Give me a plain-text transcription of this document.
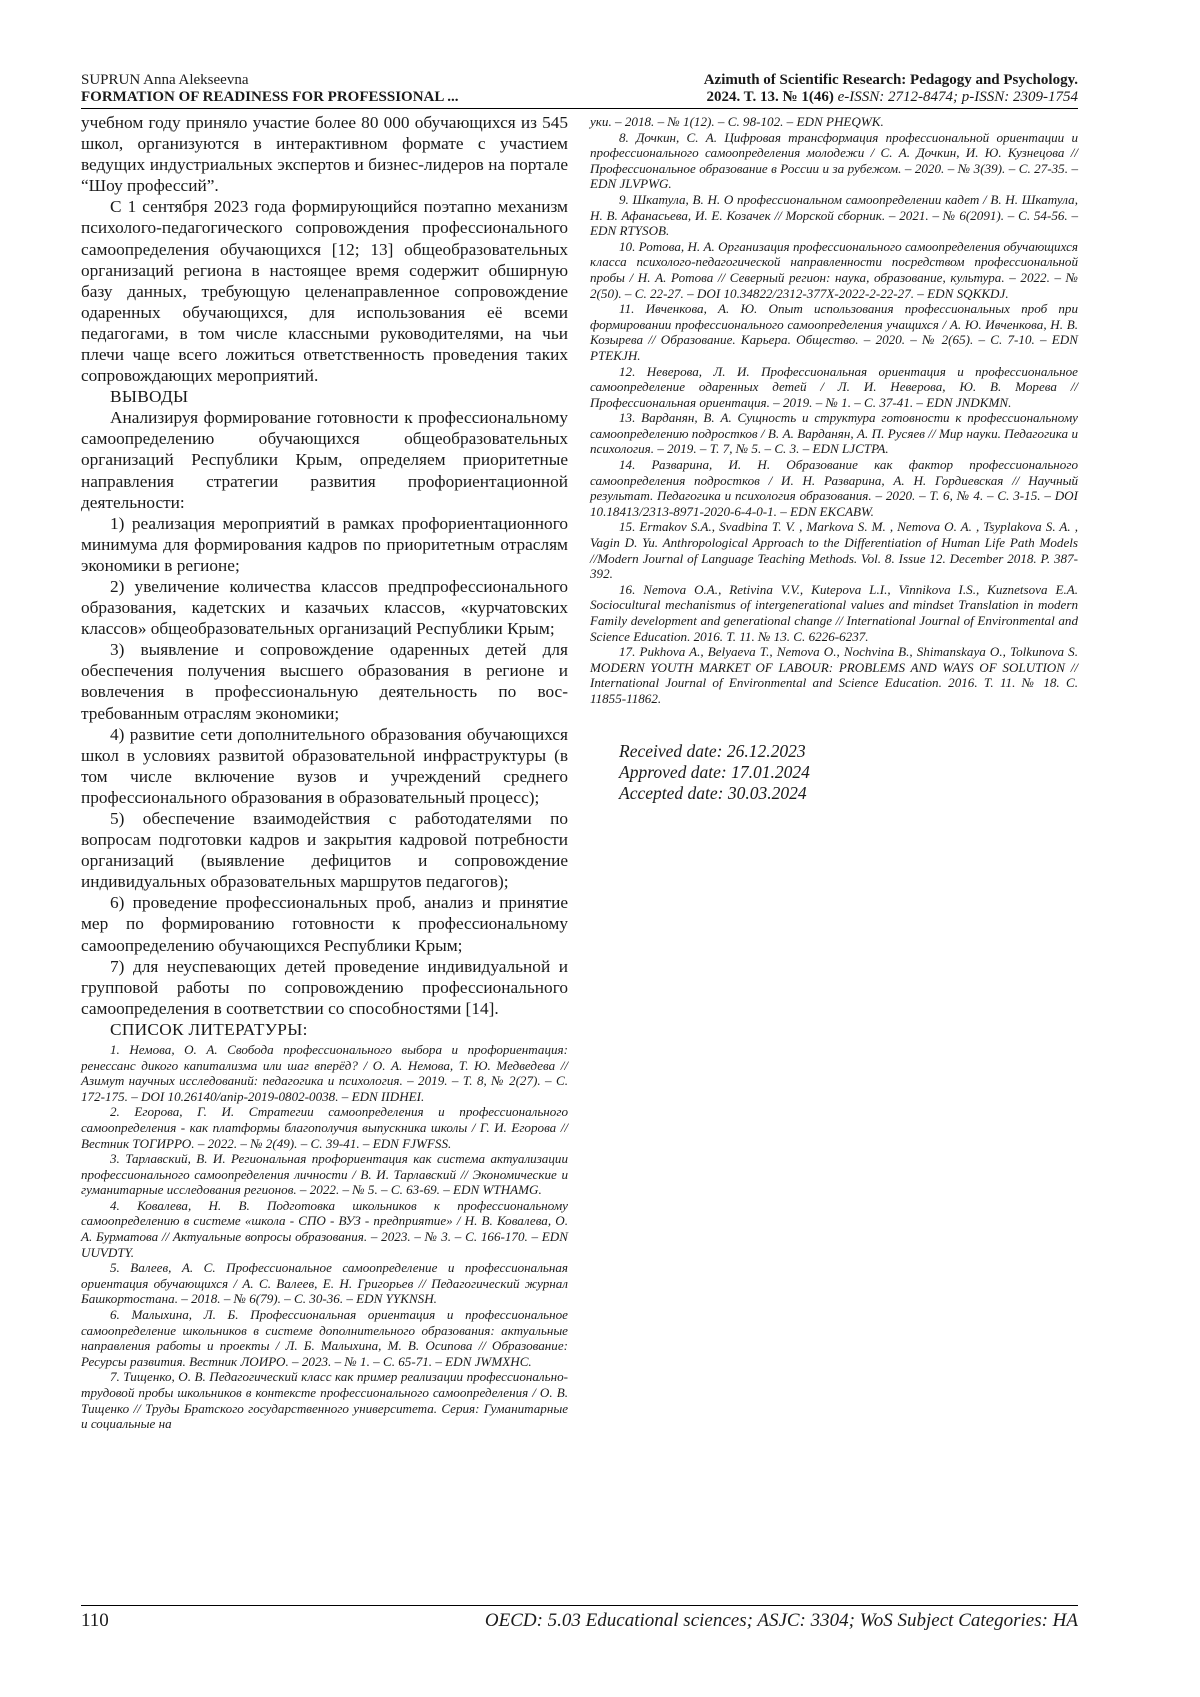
SUPRUN Anna Alekseevna
FORMATION OF READINESS FOR PROFESSIONAL ...
Azimuth of Scientific Research: Pedagogy and Psychology.
2024. T. 13. № 1(46) e-ISSN: 2712-8474; p-ISSN: 2309-1754

учебном году приняло участие более 80 000 обучающихся из 545 школ, организуются в интерактивном формате с участием ведущих индустриальных экспертов и бизнес-лидеров на портале “Шоу профессий”.

С 1 сентября 2023 года формирующийся поэтапно механизм психолого-педагогического сопровождения профессионального самоопределения обучающихся [12; 13] общеобразовательных организаций региона в настоящее время содержит обширную базу данных, требующую целенаправленное сопровождение одаренных обучающихся, для использования её всеми педагогами, в том числе классными руководителями, на чьи плечи чаще всего ложиться ответственность проведения таких сопровождающих мероприятий.

ВЫВОДЫ

Анализируя формирование готовности к профессиональному самоопределению обучающихся общеобразовательных организаций Республики Крым, определяем приоритетные направления стратегии развития профориентационной деятельности:

1) реализация мероприятий в рамках профориентационного минимума для формирования кадров по приоритетным отраслям экономики в регионе;

2) увеличение количества классов предпрофессионального образования, кадетских и казачьих классов, «курчатовских классов» общеобразовательных организаций Республики Крым;

3) выявление и сопровождение одаренных детей для обеспечения получения высшего образования в регионе и вовлечения в профессиональную деятельность по востребованным отраслям экономики;

4) развитие сети дополнительного образования обучающихся школ в условиях развитой образовательной инфраструктуры (в том числе включение вузов и учреждений среднего профессионального образования в образовательный процесс);

5) обеспечение взаимодействия с работодателями по вопросам подготовки кадров и закрытия кадровой потребности организаций (выявление дефицитов и сопровождение индивидуальных образовательных маршрутов педагогов);

6) проведение профессиональных проб, анализ и принятие мер по формированию готовности к профессиональному самоопределению обучающихся Республики Крым;

7) для неуспевающих детей проведение индивидуальной и групповой работы по сопровождению профессионального самоопределения в соответствии со способностями [14].

СПИСОК ЛИТЕРАТУРЫ:

1. Немова, О. А. Свобода профессионального выбора и профориентация: ренессанс дикого капитализма или шаг вперёд? / О. А. Немова, Т. Ю. Медведева // Азимут научных исследований: педагогика и психология. – 2019. – Т. 8, № 2(27). – С. 172-175. – DOI 10.26140/anip-2019-0802-0038. – EDN IIDHEI.

2. Егорова, Г. И. Стратегии самоопределения и профессионального самоопределения - как платформы благополучия выпускника школы / Г. И. Егорова // Вестник ТОГИРРО. – 2022. – № 2(49). – С. 39-41. – EDN FJWFSS.

3. Тарлавский, В. И. Региональная профориентация как система актуализации профессионального самоопределения личности / В. И. Тарлавский // Экономические и гуманитарные исследования регионов. – 2022. – № 5. – С. 63-69. – EDN WTHAMG.

4. Ковалева, Н. В. Подготовка школьников к профессиональному самоопределению в системе «школа - СПО - ВУЗ - предприятие» / Н. В. Ковалева, О. А. Бурматова // Актуальные вопросы образования. – 2023. – № 3. – С. 166-170. – EDN UUVDTY.

5. Валеев, А. С. Профессиональное самоопределение и профессиональная ориентация обучающихся / А. С. Валеев, Е. Н. Григорьев // Педагогический журнал Башкортостана. – 2018. – № 6(79). – С. 30-36. – EDN YYKNSH.

6. Малыхина, Л. Б. Профессиональная ориентация и профессиональное самоопределение школьников в системе дополнительного образования: актуальные направления работы и проекты / Л. Б. Малыхина, М. В. Осипова // Образование: Ресурсы развития. Вестник ЛОИРО. – 2023. – № 1. – С. 65-71. – EDN JWMXHC.

7. Тищенко, О. В. Педагогический класс как пример реализации профессионально-трудовой пробы школьников в контексте профессионального самоопределения / О. В. Тищенко // Труды Братского государственного университета. Серия: Гуманитарные и социальные на

уки. – 2018. – № 1(12). – С. 98-102. – EDN PHEQWK.

8. Дочкин, С. А. Цифровая трансформация профессиональной ориентации и профессионального самоопределения молодежи / С. А. Дочкин, И. Ю. Кузнецова // Профессиональное образование в России и за рубежом. – 2020. – № 3(39). – С. 27-35. – EDN JLVPWG.

9. Шкатула, В. Н. О профессиональном самоопределении кадет / В. Н. Шкатула, Н. В. Афанасьева, И. Е. Козачек // Морской сборник. – 2021. – № 6(2091). – С. 54-56. – EDN RTYSOB.

10. Ротова, Н. А. Организация профессионального самоопределения обучающихся класса психолого-педагогической направленности посредством профессиональной пробы / Н. А. Ротова // Северный регион: наука, образование, культура. – 2022. – № 2(50). – С. 22-27. – DOI 10.34822/2312-377X-2022-2-22-27. – EDN SQKKDJ.

11. Ивченкова, А. Ю. Опыт использования профессиональных проб при формировании профессионального самоопределения учащихся / А. Ю. Ивченкова, Н. В. Козырева // Образование. Карьера. Общество. – 2020. – № 2(65). – С. 7-10. – EDN PTEKJH.

12. Неверова, Л. И. Профессиональная ориентация и профессиональное самоопределение одаренных детей / Л. И. Неверова, Ю. В. Морева // Профессиональная ориентация. – 2019. – № 1. – С. 37-41. – EDN JNDKMN.

13. Варданян, В. А. Сущность и структура готовности к профессиональному самоопределению подростков / В. А. Варданян, А. П. Русяев // Мир науки. Педагогика и психология. – 2019. – Т. 7, № 5. – С. 3. – EDN LJCTPA.

14. Разварина, И. Н. Образование как фактор профессионального самоопределения подростков / И. Н. Разварина, А. Н. Гордиевская // Научный результат. Педагогика и психология образования. – 2020. – Т. 6, № 4. – С. 3-15. – DOI 10.18413/2313-8971-2020-6-4-0-1. – EDN EKCABW.

15. Ermakov S.A., Svadbina T. V. , Markova S. M. , Nemova O. A. , Tsyplakova S. A. , Vagin D. Yu. Anthropological Approach to the Differentiation of Human Life Path Models //Modern Journal of Language Teaching Methods. Vol. 8. Issue 12. December 2018. P. 387-392.

16. Nemova O.A., Retivina V.V., Kutepova L.I., Vinnikova I.S., Kuznetsova E.A. Sociocultural mechanismus of intergenerational values and mindset Translation in modern Family development and generational change // International Journal of Environmental and Science Education. 2016. Т. 11. № 13. С. 6226-6237.

17. Pukhova A., Belyaeva T., Nemova O., Nochvina B., Shimanskaya O., Tolkunova S. MODERN YOUTH MARKET OF LABOUR: PROBLEMS AND WAYS OF SOLUTION // International Journal of Environmental and Science Education. 2016. Т. 11. № 18. С. 11855-11862.

Received date: 26.12.2023
Approved date: 17.01.2024
Accepted date: 30.03.2024
110	OECD: 5.03 Educational sciences; ASJC: 3304; WoS Subject Categories: HA
